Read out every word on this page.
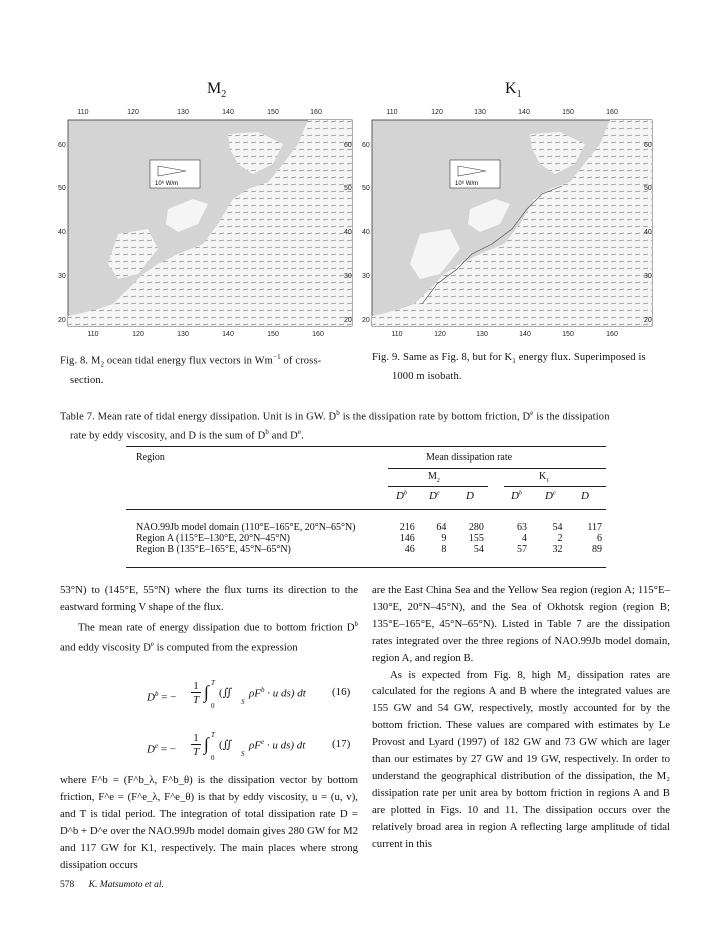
$M_2$	$K_1$
10⁶ W/m
110	120	130	140	150	160
110	120	130	140	150	160
60
50
40
30
20
60
50
40
30
20
10⁶ W/m
110	120	130	140	150	160
110	120	130	140	150	160
60
50
40
30
20
60
50
40
30
20
Fig. 8. $M_2$ ocean tidal energy flux vectors in $Wm^{-1}$ of cross-
section.
Fig. 9. Same as Fig. 8, but for $K_1$ energy flux. Superimposed is
1000 m isobath.
Table 7. Mean rate of tidal energy dissipation. Unit is in GW. $D^b$ is the dissipation rate by bottom friction, De is the dissipation
rate by eddy viscosity, and D is the sum of $D^b$ and De.
Region	Mean dissipation rate
$M_2$	$K_1$
$D^b$ De D	$D^b$ De D
NAO.99Jb model domain (110°E–165°E, 20°N–65°N)	216	64	280	63	54	117
Region A (115°E–130°E, 20°N–45°N)	146	9	155	4	2	6
Region B (135°E–165°E, 45°N–65°N)	46	8	54	57	32	89

53°N) to (145°E, 55°N) where the flux turns its direction to the eastward forming V shape of the flux.

The mean rate of energy dissipation due to bottom friction $D^b$ and eddy viscosity De is computed from the expression

$D^b$ = −
1
T ∫ T
0
(∬
S
$\rho F^b \cdot u$ ds) dt (16)
$D^e$ = −
1
T ∫ T
0
(∬
S
$\rho F^e \cdot u$ ds) dt (17)
where F^b = (F^b_λ, F^b_θ) is the dissipation vector by bottom friction, F^e = (F^e_λ, F^e_θ) is that by eddy viscosity, u = (u, v), and T is tidal period. The integration of total dissipation rate D = D^b + D^e over the NAO.99Jb model domain gives 280 GW for M2 and 117 GW for K1, respectively. The main places where strong dissipation occurs

are the East China Sea and the Yellow Sea region (region A; 115°E–130°E, 20°N–45°N), and the Sea of Okhotsk region (region B; 135°E–165°E, 45°N–65°N). Listed in Table 7 are the dissipation rates integrated over the three regions of NAO.99Jb model domain, region A, and region B.

As is expected from Fig. 8, high M₂ dissipation rates are calculated for the regions A and B where the integrated values are 155 GW and 54 GW, respectively, mostly accounted for by the bottom friction. These values are compared with estimates by Le Provost and Lyard (1997) of 182 GW and 73 GW which are lager than our estimates by 27 GW and 19 GW, respectively. In order to understand the geographical distribution of the dissipation, the M₂ dissipation rate per unit area by bottom friction in regions A and B are plotted in Figs. 10 and 11. The dissipation occurs over the relatively broad area in region A reflecting large amplitude of tidal current in this

578 K. Matsumoto et al.
